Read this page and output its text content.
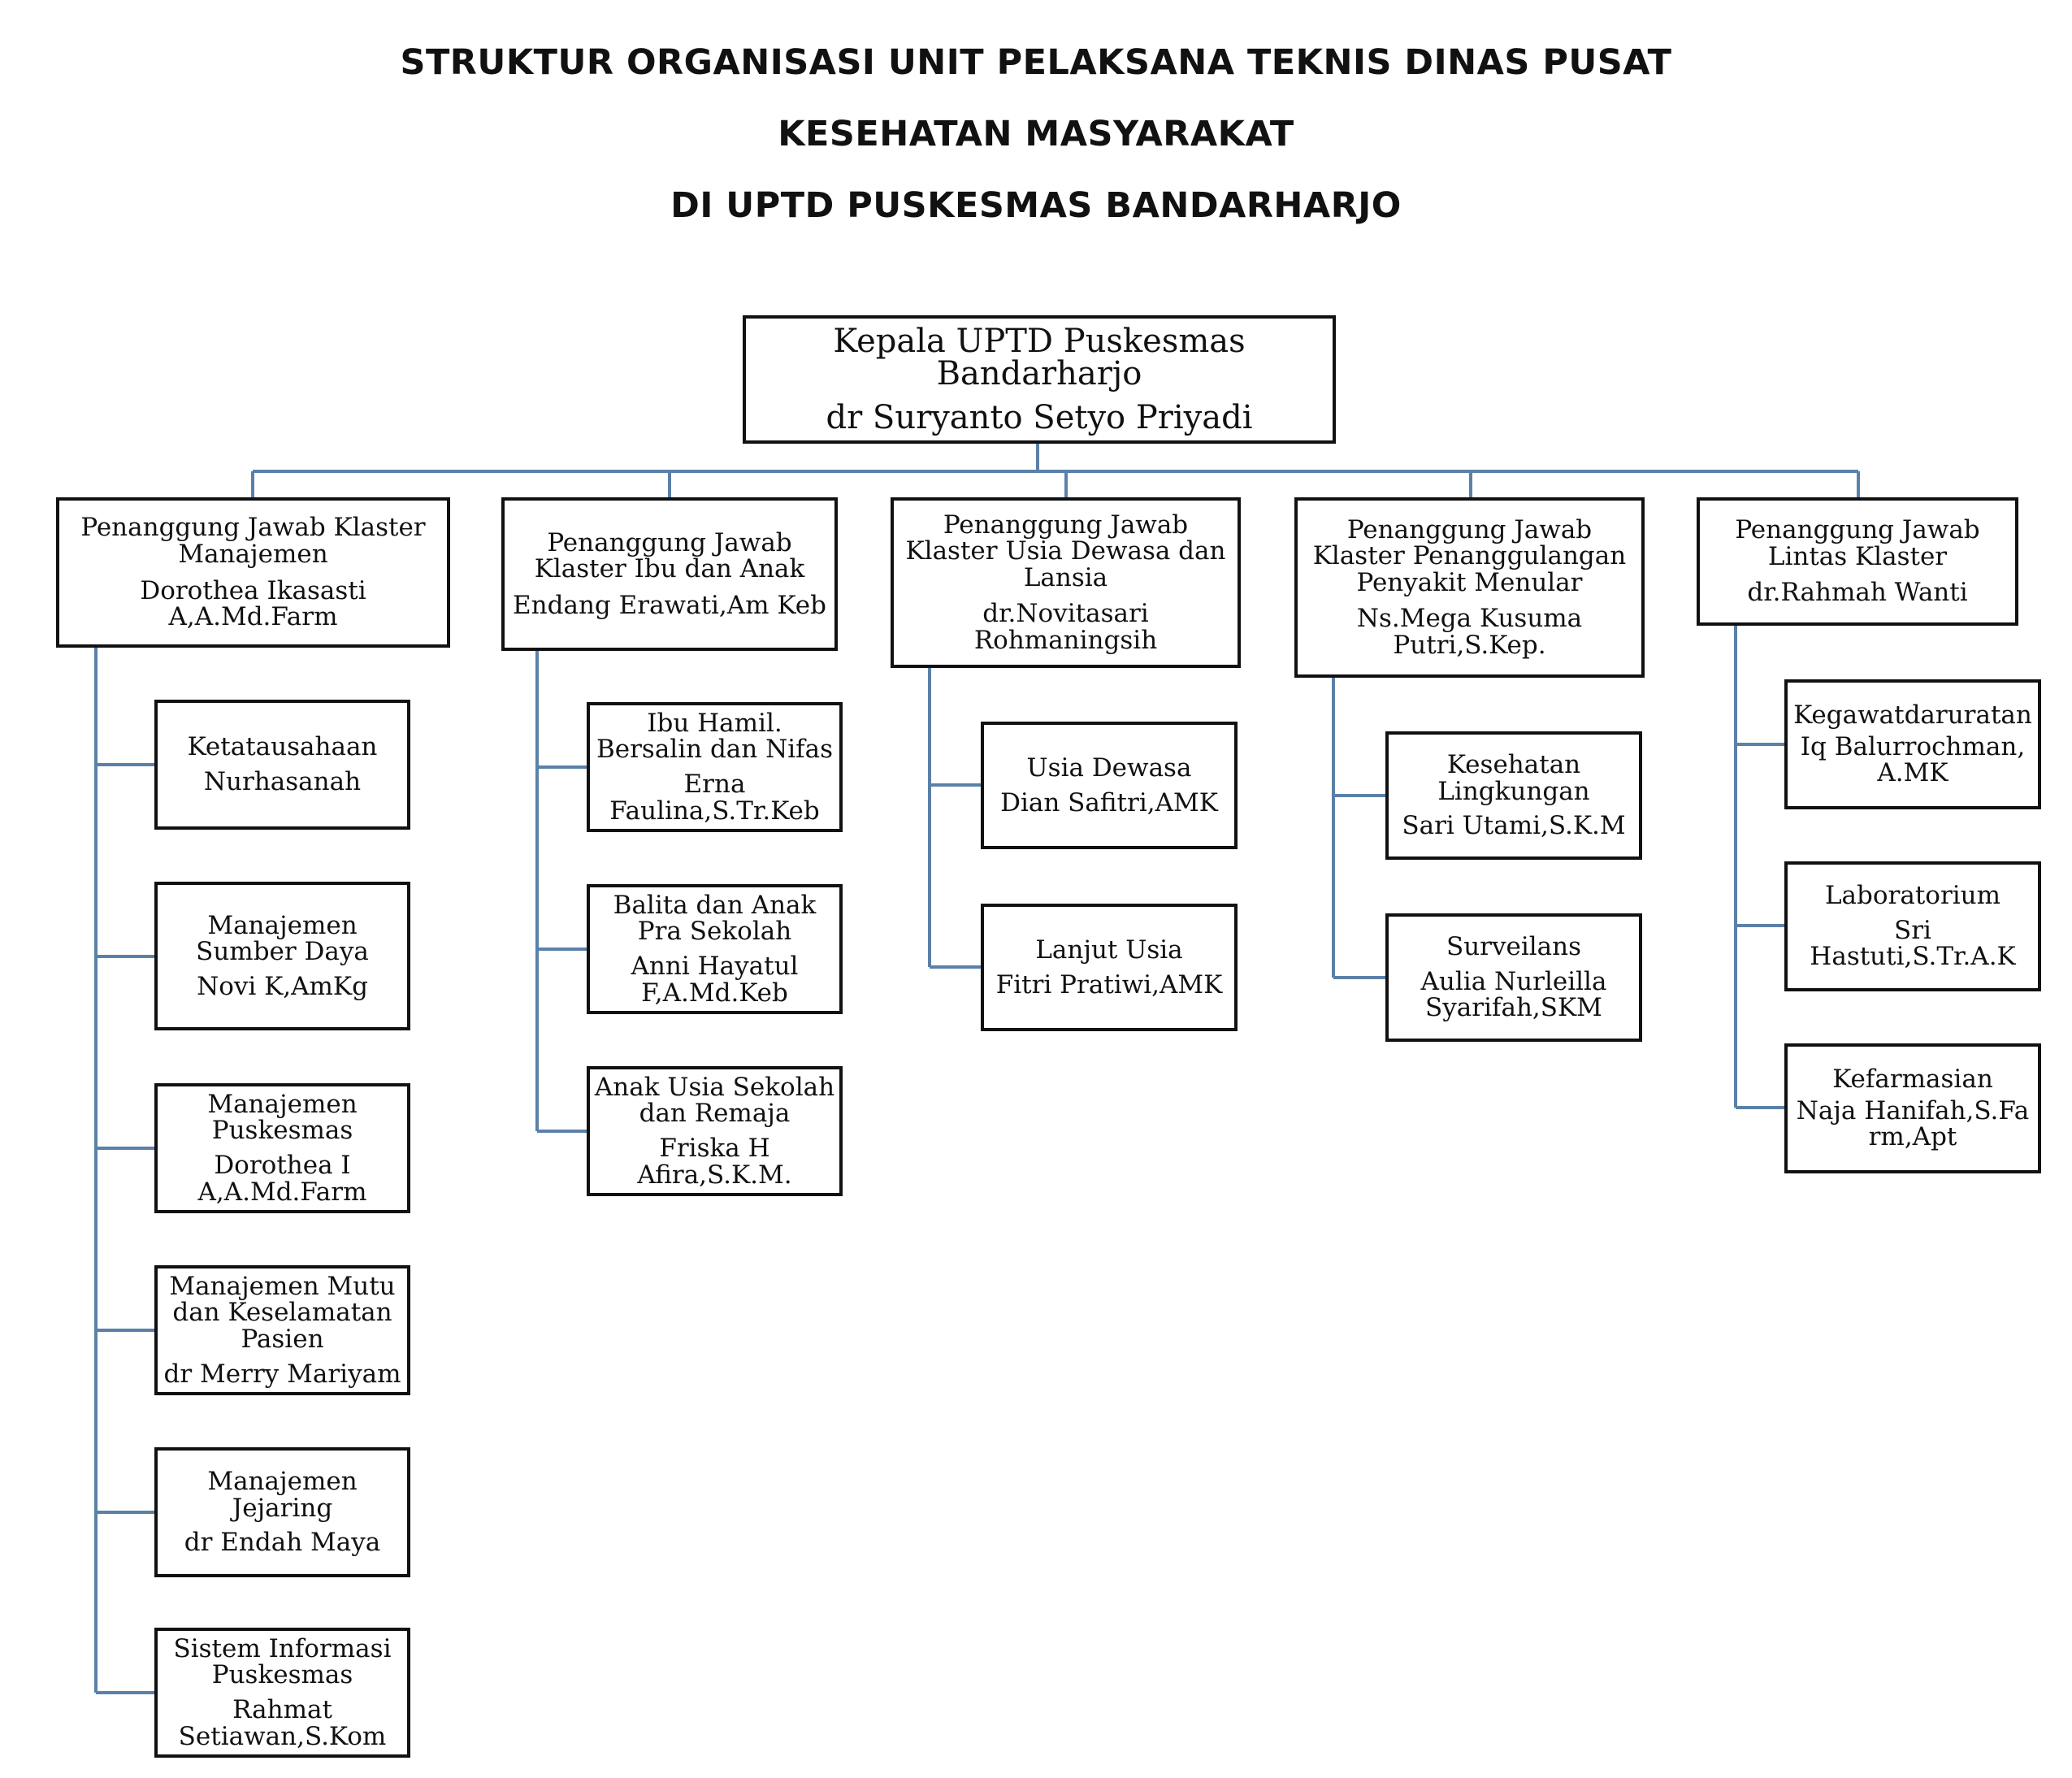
STRUKTUR ORGANISASI UNIT PELAKSANA TEKNIS DINAS PUSAT
KESEHATAN MASYARAKAT
DI UPTD PUSKESMAS BANDARHARJO
Kepala UPTD Puskesmas Bandarharjo
dr Suryanto Setyo Priyadi
Penanggung Jawab Klaster Manajemen
Dorothea Ikasasti A,A.Md.Farm
Penanggung Jawab Klaster Ibu dan Anak
Endang Erawati,Am Keb
Penanggung Jawab Klaster Usia Dewasa dan Lansia
dr.Novitasari Rohmaningsih
Penanggung Jawab Klaster Penanggulangan Penyakit Menular
Ns.Mega Kusuma Putri,S.Kep.
Penanggung Jawab Lintas Klaster
dr.Rahmah Wanti
Ketatausahaan
Nurhasanah
Manajemen Sumber Daya
Novi K,AmKg
Manajemen Puskesmas
Dorothea I A,A.Md.Farm
Manajemen Mutu dan Keselamatan Pasien
dr Merry Mariyam
Manajemen Jejaring
dr Endah Maya
Sistem Informasi Puskesmas
Rahmat Setiawan,S.Kom
Ibu Hamil. Bersalin dan Nifas
Erna Faulina,S.Tr.Keb
Balita dan Anak Pra Sekolah
Anni Hayatul F,A.Md.Keb
Anak Usia Sekolah dan Remaja
Friska H Afira,S.K.M.
Usia Dewasa
Dian Safitri,AMK
Lanjut Usia
Fitri Pratiwi,AMK
Kesehatan Lingkungan
Sari Utami,S.K.M
Surveilans
Aulia Nurleilla Syarifah,SKM
Kegawatdaruratan
Iq Balurrochman,A.MK
Laboratorium
Sri Hastuti,S.Tr.A.K
Kefarmasian
Naja Hanifah,S.Farm,Apt
